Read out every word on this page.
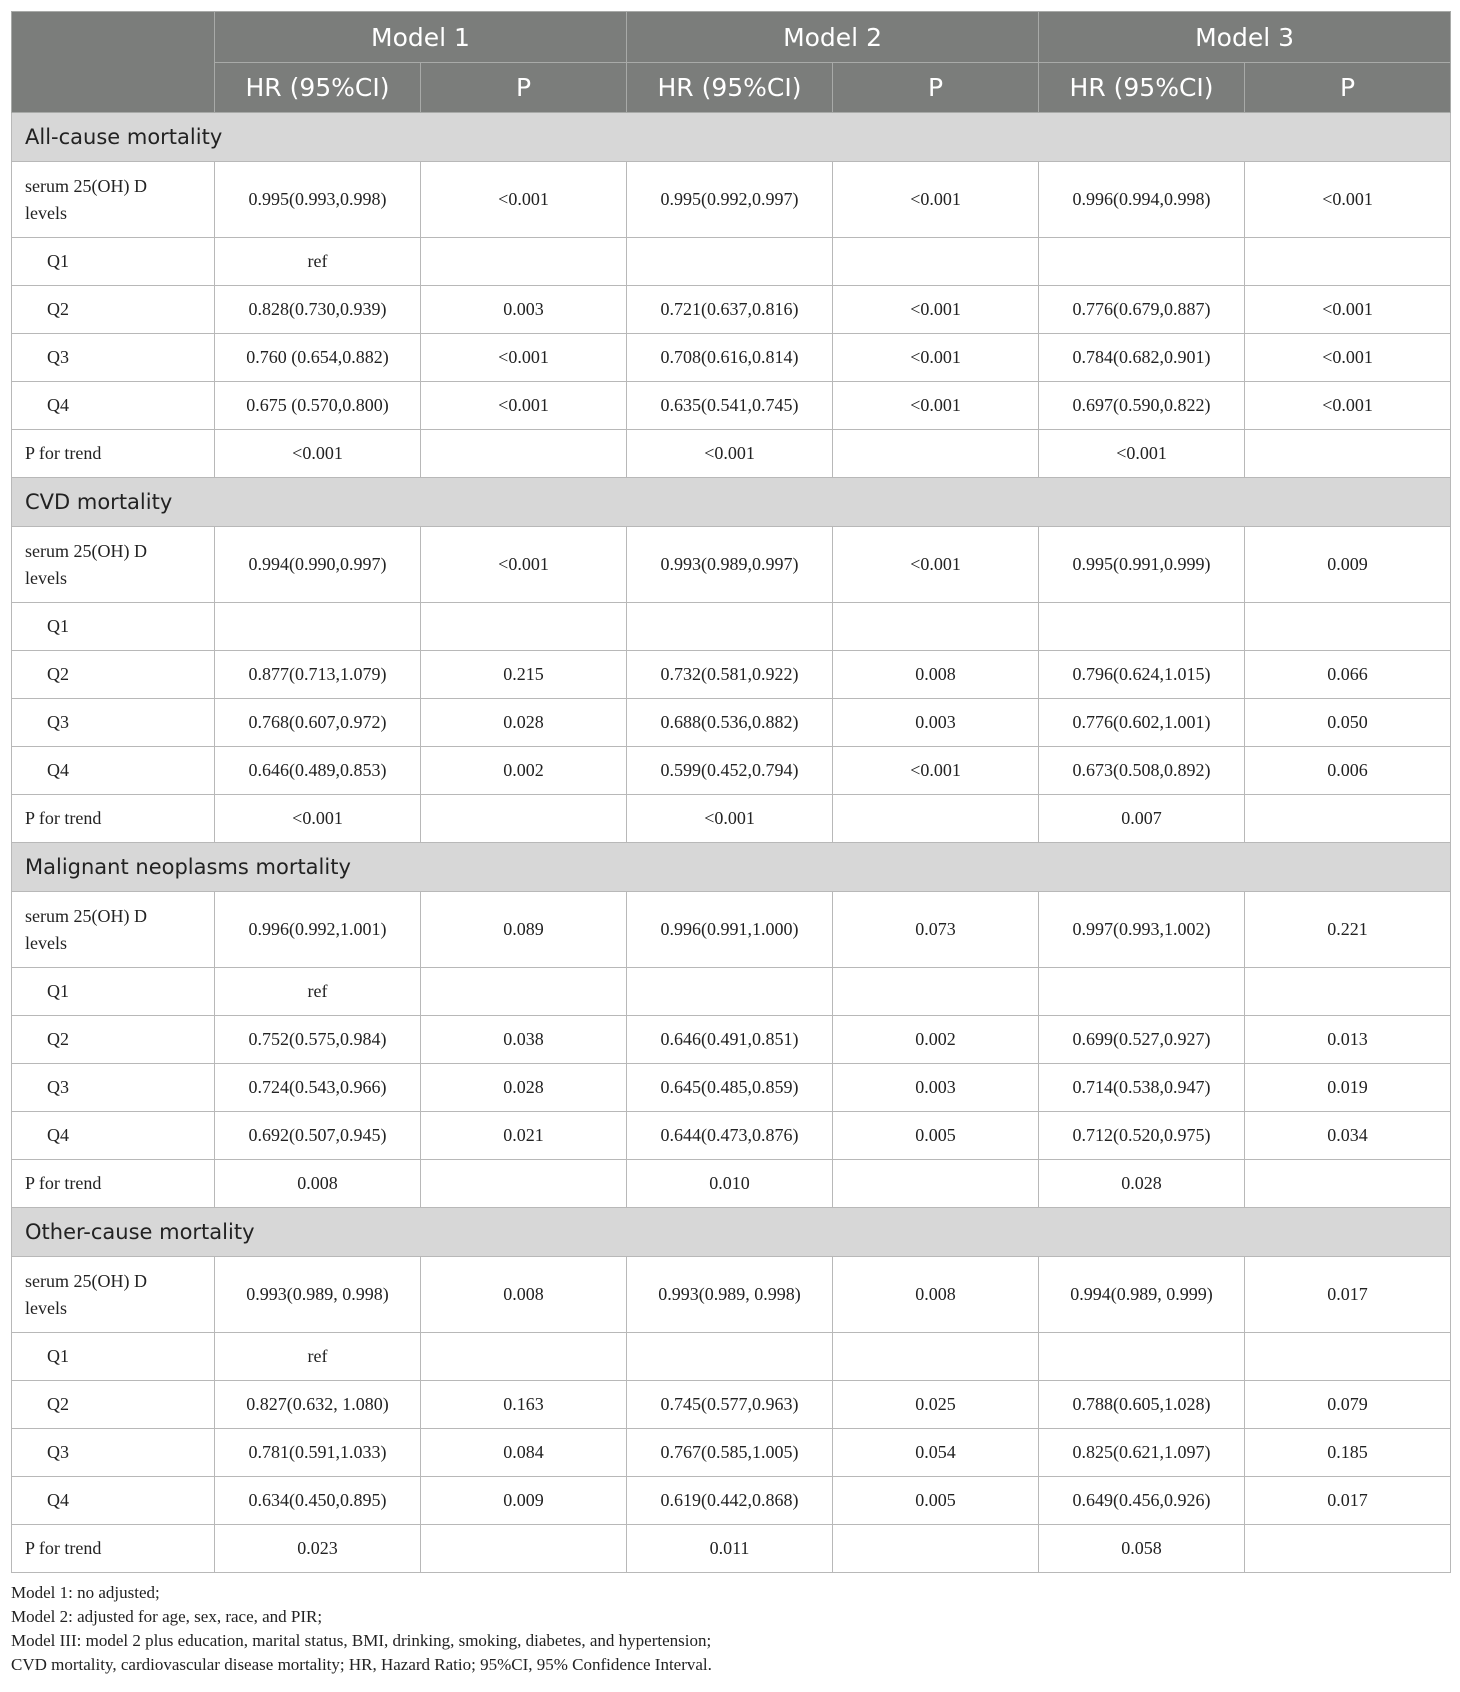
	Model 1		Model 2		Model 3	
	HR (95%CI)	P	HR (95%CI)	P	HR (95%CI)	P
All-cause mortality						
serum 25(OH) D levels	0.995(0.993,0.998)	<0.001	0.995(0.992,0.997)	<0.001	0.996(0.994,0.998)	<0.001
Q1	ref					
Q2	0.828(0.730,0.939)	0.003	0.721(0.637,0.816)	<0.001	0.776(0.679,0.887)	<0.001
Q3	0.760 (0.654,0.882)	<0.001	0.708(0.616,0.814)	<0.001	0.784(0.682,0.901)	<0.001
Q4	0.675 (0.570,0.800)	<0.001	0.635(0.541,0.745)	<0.001	0.697(0.590,0.822)	<0.001
P for trend	<0.001		<0.001		<0.001	
CVD mortality						
serum 25(OH) D levels	0.994(0.990,0.997)	<0.001	0.993(0.989,0.997)	<0.001	0.995(0.991,0.999)	0.009
Q1						
Q2	0.877(0.713,1.079)	0.215	0.732(0.581,0.922)	0.008	0.796(0.624,1.015)	0.066
Q3	0.768(0.607,0.972)	0.028	0.688(0.536,0.882)	0.003	0.776(0.602,1.001)	0.050
Q4	0.646(0.489,0.853)	0.002	0.599(0.452,0.794)	<0.001	0.673(0.508,0.892)	0.006
P for trend	<0.001		<0.001		0.007	
Malignant neoplasms mortality						
serum 25(OH) D levels	0.996(0.992,1.001)	0.089	0.996(0.991,1.000)	0.073	0.997(0.993,1.002)	0.221
Q1	ref					
Q2	0.752(0.575,0.984)	0.038	0.646(0.491,0.851)	0.002	0.699(0.527,0.927)	0.013
Q3	0.724(0.543,0.966)	0.028	0.645(0.485,0.859)	0.003	0.714(0.538,0.947)	0.019
Q4	0.692(0.507,0.945)	0.021	0.644(0.473,0.876)	0.005	0.712(0.520,0.975)	0.034
P for trend	0.008		0.010		0.028	
Other-cause mortality						
serum 25(OH) D levels	0.993(0.989, 0.998)	0.008	0.993(0.989, 0.998)	0.008	0.994(0.989, 0.999)	0.017
Q1	ref					
Q2	0.827(0.632, 1.080)	0.163	0.745(0.577,0.963)	0.025	0.788(0.605,1.028)	0.079
Q3	0.781(0.591,1.033)	0.084	0.767(0.585,1.005)	0.054	0.825(0.621,1.097)	0.185
Q4	0.634(0.450,0.895)	0.009	0.619(0.442,0.868)	0.005	0.649(0.456,0.926)	0.017
P for trend	0.023		0.011		0.058	
Model 1: no adjusted;
Model 2: adjusted for age, sex, race, and PIR;
Model III: model 2 plus education, marital status, BMI, drinking, smoking, diabetes, and hypertension;
CVD mortality, cardiovascular disease mortality; HR, Hazard Ratio; 95%CI, 95% Confidence Interval.
